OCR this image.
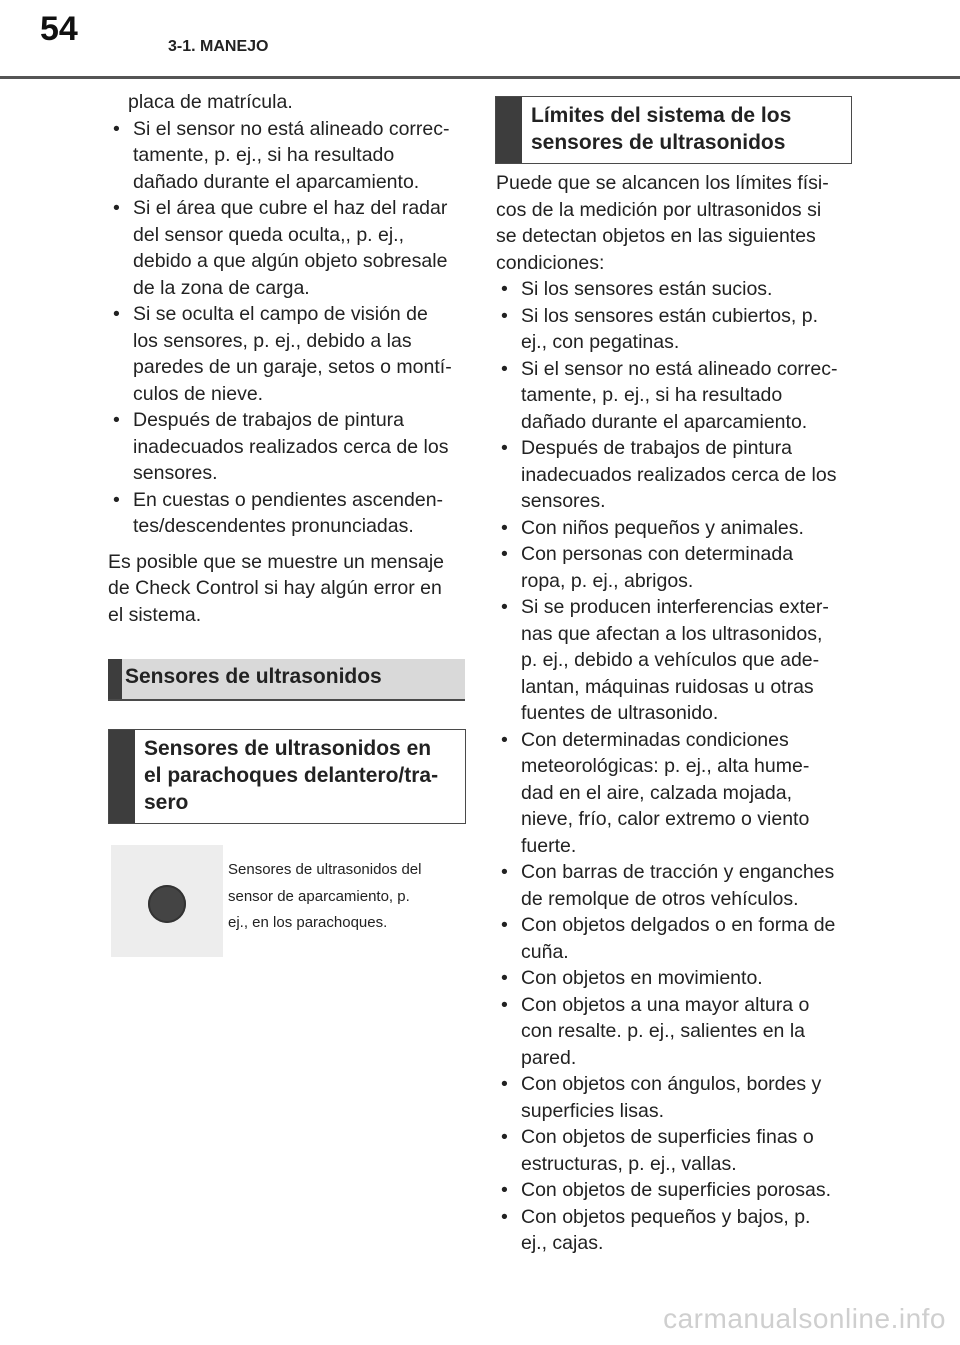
54	3-1. MANEJO
placa de matrícula.
• Si el sensor no está alineado correc-
tamente, p. ej., si ha resultado
dañado durante el aparcamiento.
• Si el área que cubre el haz del radar
del sensor queda oculta,, p. ej.,
debido a que algún objeto sobresale
de la zona de carga.
• Si se oculta el campo de visión de
los sensores, p. ej., debido a las
paredes de un garaje, setos o montí-
culos de nieve.
• Después de trabajos de pintura
inadecuados realizados cerca de los
sensores.
• En cuestas o pendientes ascenden-
tes/descendentes pronunciadas.

Es posible que se muestre un mensaje
de Check Control si hay algún error en
el sistema.

Sensores de ultrasonidos
Sensores de ultrasonidos en
el parachoques delantero/tra-
sero
Sensores de ultrasonidos del
sensor de aparcamiento, p.
ej., en los parachoques.
Límites del sistema de los
sensores de ultrasonidos
Puede que se alcancen los límites físi-
cos de la medición por ultrasonidos si
se detectan objetos en las siguientes
condiciones:
• Si los sensores están sucios.
• Si los sensores están cubiertos, p.
ej., con pegatinas.
• Si el sensor no está alineado correc-
tamente, p. ej., si ha resultado
dañado durante el aparcamiento.
• Después de trabajos de pintura
inadecuados realizados cerca de los
sensores.
• Con niños pequeños y animales.
• Con personas con determinada
ropa, p. ej., abrigos.
• Si se producen interferencias exter-
nas que afectan a los ultrasonidos,
p. ej., debido a vehículos que ade-
lantan, máquinas ruidosas u otras
fuentes de ultrasonido.
• Con determinadas condiciones
meteorológicas: p. ej., alta hume-
dad en el aire, calzada mojada,
nieve, frío, calor extremo o viento
fuerte.
• Con barras de tracción y enganches
de remolque de otros vehículos.
• Con objetos delgados o en forma de
cuña.
• Con objetos en movimiento.
• Con objetos a una mayor altura o
con resalte. p. ej., salientes en la
pared.
• Con objetos con ángulos, bordes y
superficies lisas.
• Con objetos de superficies finas o
estructuras, p. ej., vallas.
• Con objetos de superficies porosas.
• Con objetos pequeños y bajos, p.
ej., cajas.
carmanualsonline.info
